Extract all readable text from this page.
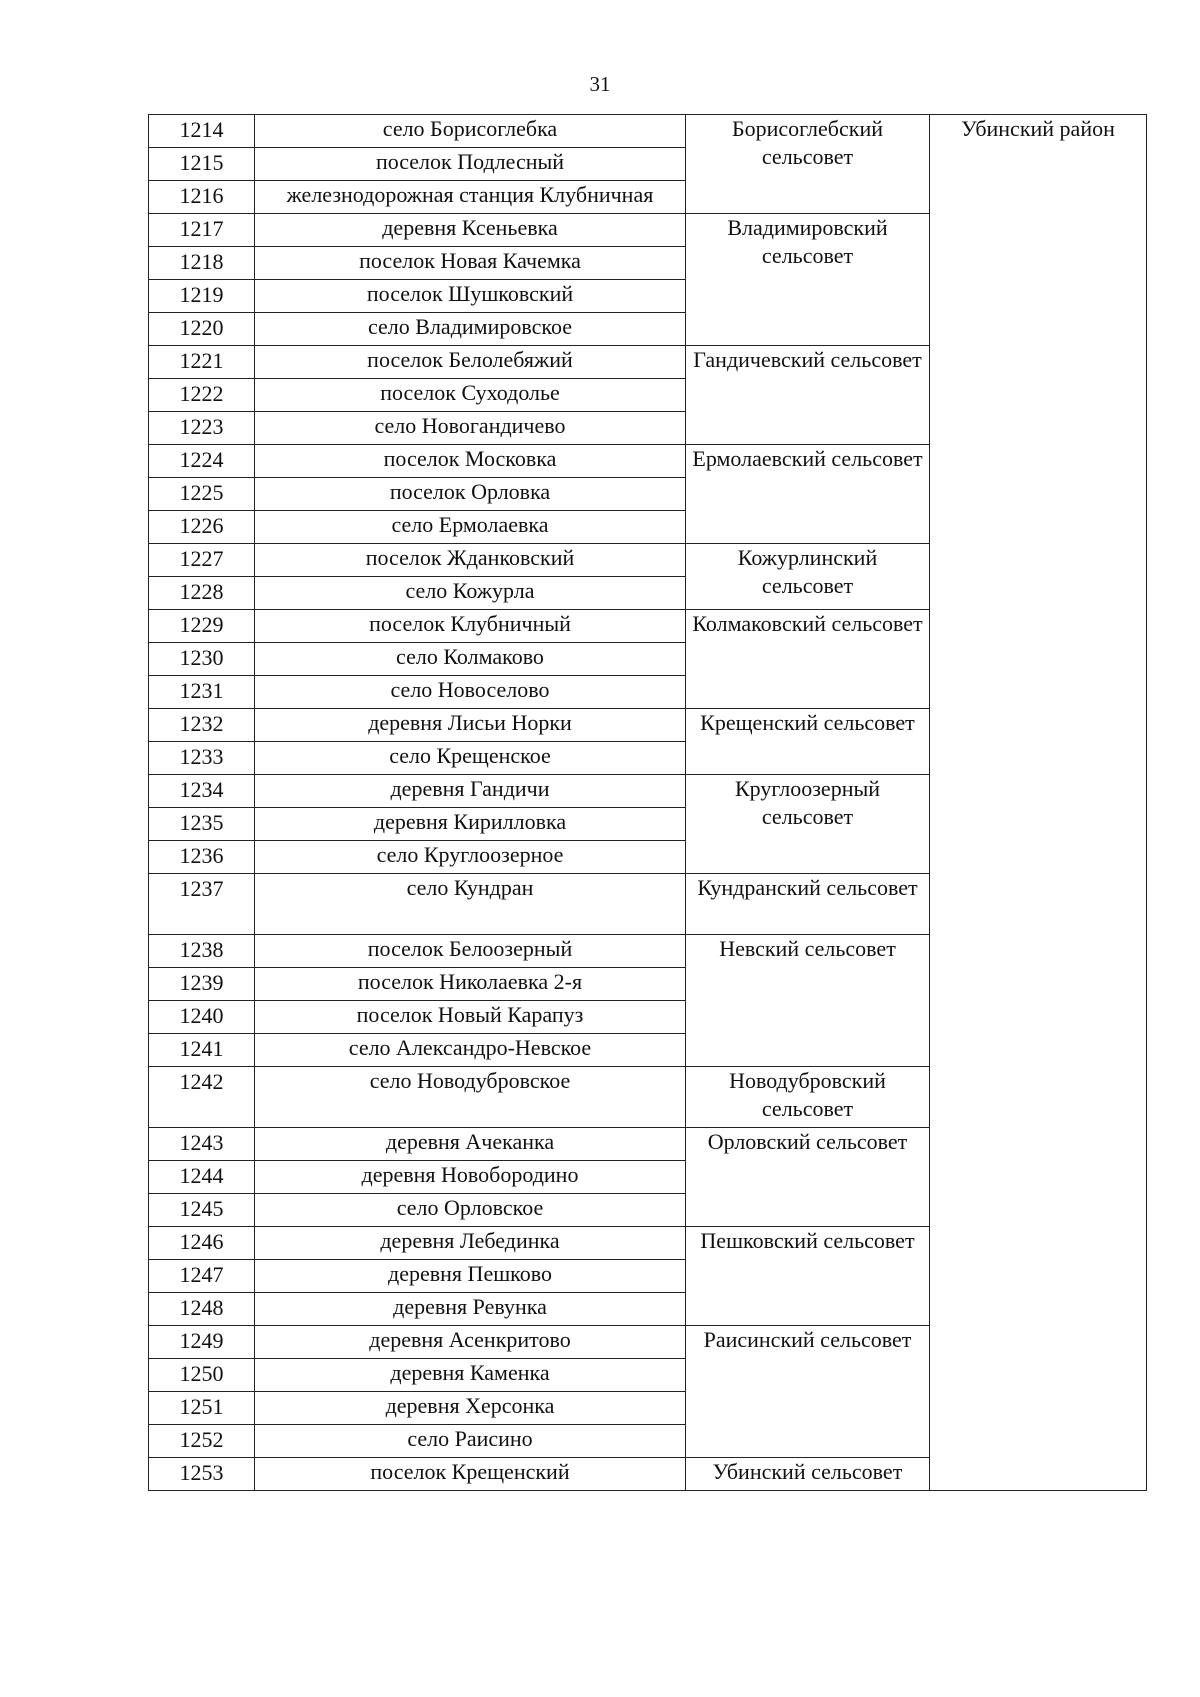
31
1214	село Борисоглебка	Борисоглебский сельсовет	Убинский район
1215	поселок Подлесный		
1216	железнодорожная станция Клубничная		
1217	деревня Ксеньевка	Владимировский сельсовет	
1218	поселок Новая Качемка		
1219	поселок Шушковский		
1220	село Владимировское		
1221	поселок Белолебяжий	Гандичевский сельсовет	
1222	поселок Суходолье		
1223	село Новогандичево		
1224	поселок Московка	Ермолаевский сельсовет	
1225	поселок Орловка		
1226	село Ермолаевка		
1227	поселок Жданковский	Кожурлинский сельсовет	
1228	село Кожурла		
1229	поселок Клубничный	Колмаковский сельсовет	
1230	село Колмаково		
1231	село Новоселово		
1232	деревня Лисьи Норки	Крещенский сельсовет	
1233	село Крещенское		
1234	деревня Гандичи	Круглоозерный сельсовет	
1235	деревня Кирилловка		
1236	село Круглоозерное		
1237	село Кундран	Кундранский сельсовет	
1238	поселок Белоозерный	Невский сельсовет	
1239	поселок Николаевка 2-я		
1240	поселок Новый Карапуз		
1241	село Александро-Невское		
1242	село Новодубровское	Новодубровский сельсовет	
1243	деревня Ачеканка	Орловский сельсовет	
1244	деревня Новобородино		
1245	село Орловское		
1246	деревня Лебединка	Пешковский сельсовет	
1247	деревня Пешково		
1248	деревня Ревунка		
1249	деревня Асенкритово	Раисинский сельсовет	
1250	деревня Каменка		
1251	деревня Херсонка		
1252	село Раисино		
1253	поселок Крещенский	Убинский сельсовет	
